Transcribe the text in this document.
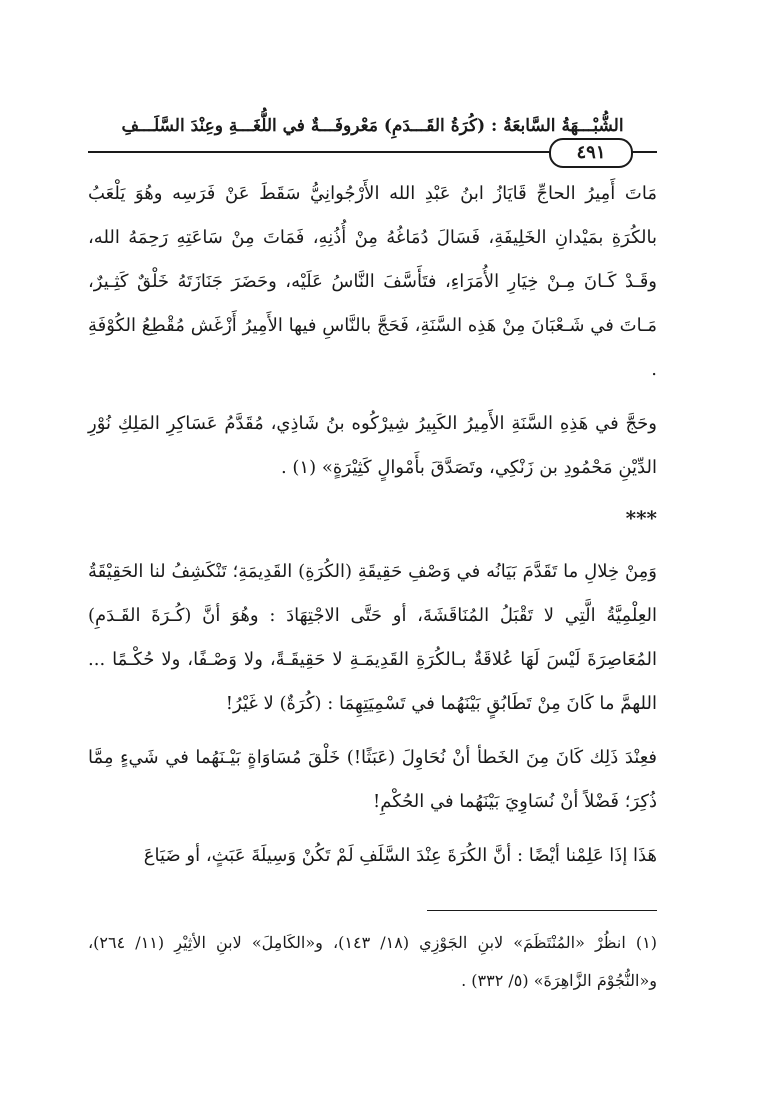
الشُّبْـــهَةُ السَّابعَةُ : (كُرَةُ القَـــدَمِ) مَعْروفَـــةٌ في اللُّغَـــةِ وعِنْدَ السَّلَـــفِ
٤٩١

مَاتَ أَمِيرُ الحاجِّ قَايَازُ ابنُ عَبْدِ الله الأَرْجُوانِيُّ سَقَطَ عَنْ فَرَسِه وهُوَ يَلْعَبُ بالكُرَةِ بمَيْدانِ الخَلِيفَةِ، فَسَالَ دُمَاغُهُ مِنْ أُذُنِهِ، فَمَاتَ مِنْ سَاعَتِهِ رَحِمَهُ الله، وقَـدْ كَـانَ مِـنْ خِيَارِ الأُمَرَاءِ، فتَأَسَّفَ النَّاسُ عَلَيْه، وحَضَرَ جَنَازَتَهُ خَلْقٌ كَثِـيرٌ، مَـاتَ في شَـعْبَانَ مِنْ هَذِه السَّنَةِ، فَحَجَّ بالنَّاسِ فيها الأَمِيرُ أَزْغَش مُقْطِعُ الكُوْفَةِ .

وحَجَّ في هَذِهِ السَّنَةِ الأَمِيرُ الكَبِيرُ شِيرْكُوه بنُ شَاذِي، مُقَدَّمُ عَسَاكِرِ المَلِكِ نُوْرِ الدِّيْنِ مَحْمُودِ بن زَنْكِي، وتَصَدَّقَ بأَمْوالٍ كَثِيْرَةٍ» (١) .

***

وَمِنْ خِلالِ ما تَقَدَّمَ بَيَانُه في وَصْفِ حَقِيقَةِ (الكُرَةِ) القَدِيمَةِ؛ تَنْكَشِفُ لنا الحَقِيْقَةُ العِلْمِيَّةُ الَّتِي لا تَقْبَلُ المُنَاقَشَةَ، أو حَتَّى الاجْتِهَادَ : وهُوَ أنَّ (كُـرَةَ القَـدَمِ) المُعَاصِرَةَ لَيْسَ لَهَا عُلاقَةٌ بـالكُرَةِ القَدِيمَـةِ لا حَقِيقَـةً، ولا وَصْـفًا، ولا حُكْـمًا ... اللهمَّ ما كَانَ مِنْ تَطَابُقٍ بَيْنَهُما في تَسْمِيَتِهِمَا : (كُرَةٌ) لا غَيْرُ!

فعِنْدَ ذَلِك كَانَ مِنَ الخَطأ أنْ نُحَاوِلَ (عَبَثًا!) خَلْقَ مُسَاوَاةٍ بَيْـنَهُما في شَيءٍ مِمَّا ذُكِرَ؛ فَضْلاً أنْ نُسَاوِيَ بَيْنَهُما في الحُكْمِ!

هَذَا إذَا عَلِمْنا أيْضًا : أنَّ الكُرَةَ عِنْدَ السَّلَفِ لَمْ تَكُنْ وَسِيلَةَ عَبَثٍ، أو ضَيَاعَ

(١) انظُرْ «المُنْتَظَمَ» لابنِ الجَوْزِي (١٨/ ١٤٣)، و«الكَامِلَ» لابنِ الأثِيْرِ (١١/ ٢٦٤)، و«النُّجُوْمَ الزَّاهِرَةَ» (٥/ ٣٣٢) .
